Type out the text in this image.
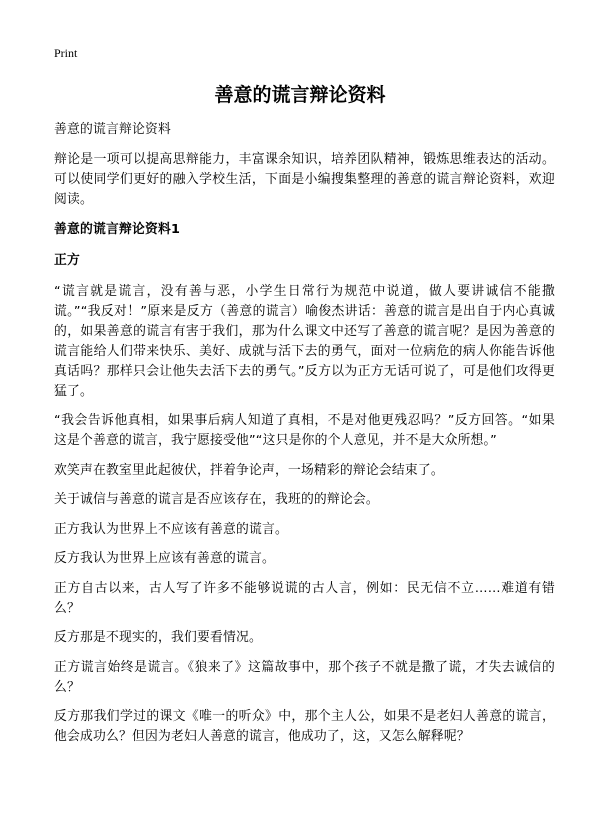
Print
善意的谎言辩论资料

善意的谎言辩论资料

辩论是一项可以提高思辩能力，丰富课余知识，培养团队精神，锻炼思维表达的活动。可以使同学们更好的融入学校生活，下面是小编搜集整理的善意的谎言辩论资料，欢迎阅读。

善意的谎言辩论资料1

正方

“谎言就是谎言，没有善与恶，小学生日常行为规范中说道，做人要讲诚信不能撒谎。”“我反对！”原来是反方（善意的谎言）喻俊杰讲话：善意的谎言是出自于内心真诚的，如果善意的谎言有害于我们，那为什么课文中还写了善意的谎言呢？是因为善意的谎言能给人们带来快乐、美好、成就与活下去的勇气，面对一位病危的病人你能告诉他真话吗？那样只会让他失去活下去的勇气。”反方以为正方无话可说了，可是他们攻得更猛了。

“我会告诉他真相，如果事后病人知道了真相，不是对他更残忍吗？”反方回答。“如果这是个善意的谎言，我宁愿接受他”“这只是你的个人意见，并不是大众所想。”

欢笑声在教室里此起彼伏，拌着争论声，一场精彩的辩论会结束了。

关于诚信与善意的谎言是否应该存在，我班的的辩论会。

正方我认为世界上不应该有善意的谎言。

反方我认为世界上应该有善意的谎言。

正方自古以来，古人写了许多不能够说谎的古人言，例如：民无信不立……难道有错么？

反方那是不现实的，我们要看情况。

正方谎言始终是谎言。《狼来了》这篇故事中，那个孩子不就是撒了谎，才失去诚信的么？

反方那我们学过的课文《唯一的听众》中，那个主人公，如果不是老妇人善意的谎言，他会成功么？但因为老妇人善意的谎言，他成功了，这，又怎么解释呢？
